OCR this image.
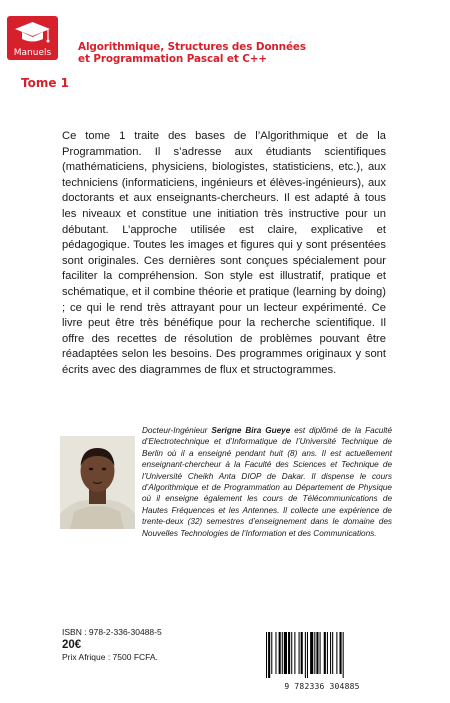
Manuels
Tome 1
Algorithmique, Structures des Données
et Programmation Pascal et C++
Ce tome 1 traite des bases de l’Algorithmique et de la Programmation. Il s’adresse aux étudiants scientifiques (mathématiciens, physiciens, biologistes, statisticiens, etc.), aux techniciens (informaticiens, ingénieurs et élèves-ingénieurs), aux doctorants et aux enseignants-chercheurs. Il est adapté à tous les niveaux et constitue une initiation très instructive pour un débutant. L’approche utilisée est claire, explicative et pédagogique. Toutes les images et figures qui y sont présentées sont originales. Ces dernières sont conçues spécialement pour faciliter la compréhension. Son style est illustratif, pratique et schématique, et il combine théorie et pratique (learning by doing) ; ce qui le rend très attrayant pour un lecteur expérimenté. Ce livre peut être très bénéfique pour la recherche scientifique. Il offre des recettes de résolution de problèmes pouvant être réadaptées selon les besoins. Des programmes originaux y sont écrits avec des diagrammes de flux et structogrammes.
Docteur-Ingénieur Serigne Bira Gueye est diplômé de la Faculté d’Electrotechnique et d’Informatique de l’Université Technique de Berlin où il a enseigné pendant huit (8) ans. Il est actuellement enseignant-chercheur à la Faculté des Sciences et Technique de l’Université Cheikh Anta DIOP de Dakar. Il dispense le cours d’Algorithmique et de Programmation au Département de Physique où il enseigne également les cours de Télécommunications de Hautes Fréquences et les Antennes. Il collecte une expérience de trente-deux (32) semestres d’enseignement dans le domaine des Nouvelles Technologies de l’Information et des Communications.
ISBN : 978-2-336-30488-5
20€
Prix Afrique : 7500 FCFA.
9 782336 304885
